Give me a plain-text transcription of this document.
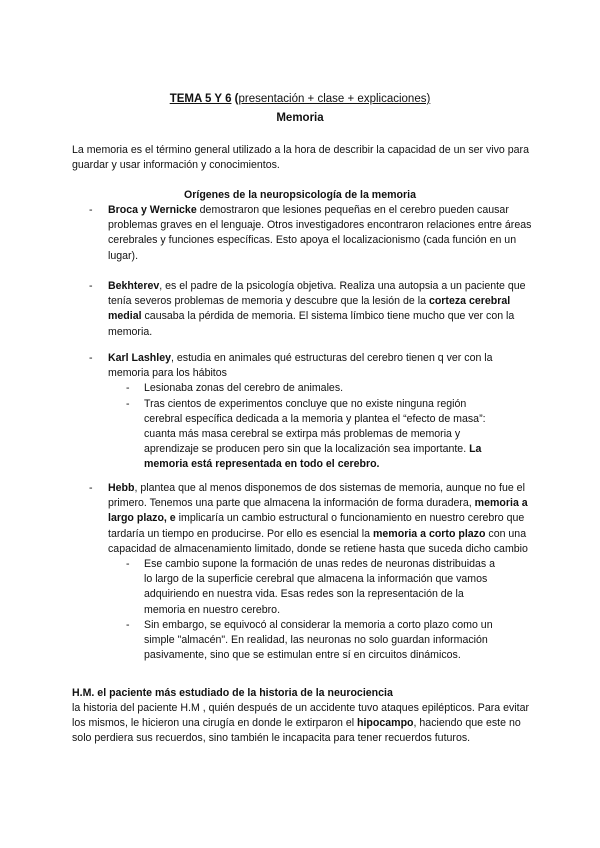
TEMA 5 Y 6 (presentación + clase + explicaciones)
Memoria
La memoria es el término general utilizado a la hora de describir la capacidad de un ser vivo para guardar y usar información y conocimientos.
Orígenes de la neuropsicología de la memoria
- Broca y Wernicke demostraron que lesiones pequeñas en el cerebro pueden causar problemas graves en el lenguaje. Otros investigadores encontraron relaciones entre áreas cerebrales y funciones específicas. Esto apoya el localizacionismo (cada función en un lugar).
- Bekhterev, es el padre de la psicología objetiva. Realiza una autopsia a un paciente que tenía severos problemas de memoria y descubre que la lesión de la corteza cerebral medial causaba la pérdida de memoria. El sistema límbico tiene mucho que ver con la memoria.
- Karl Lashley, estudia en animales qué estructuras del cerebro tienen q ver con la memoria para los hábitos
- Lesionaba zonas del cerebro de animales.
- Tras cientos de experimentos concluye que no existe ninguna región cerebral específica dedicada a la memoria y plantea el “efecto de masa”: cuanta más masa cerebral se extirpa más problemas de memoria y aprendizaje se producen pero sin que la localización sea importante. La memoria está representada en todo el cerebro.
- Hebb, plantea que al menos disponemos de dos sistemas de memoria, aunque no fue el primero. Tenemos una parte que almacena la información de forma duradera, memoria a largo plazo, e implicaría un cambio estructural o funcionamiento en nuestro cerebro que tardaría un tiempo en producirse. Por ello es esencial la memoria a corto plazo con una capacidad de almacenamiento limitado, donde se retiene hasta que suceda dicho cambio
- Ese cambio supone la formación de unas redes de neuronas distribuidas a lo largo de la superficie cerebral que almacena la información que vamos adquiriendo en nuestra vida. Esas redes son la representación de la memoria en nuestro cerebro.
- Sin embargo, se equivocó al considerar la memoria a corto plazo como un simple "almacén". En realidad, las neuronas no solo guardan información pasivamente, sino que se estimulan entre sí en circuitos dinámicos.
H.M. el paciente más estudiado de la historia de la neurociencia
la historia del paciente H.M , quién después de un accidente tuvo ataques epilépticos. Para evitar los mismos, le hicieron una cirugía en donde le extirparon el hipocampo, haciendo que este no solo perdiera sus recuerdos, sino también le incapacita para tener recuerdos futuros.
